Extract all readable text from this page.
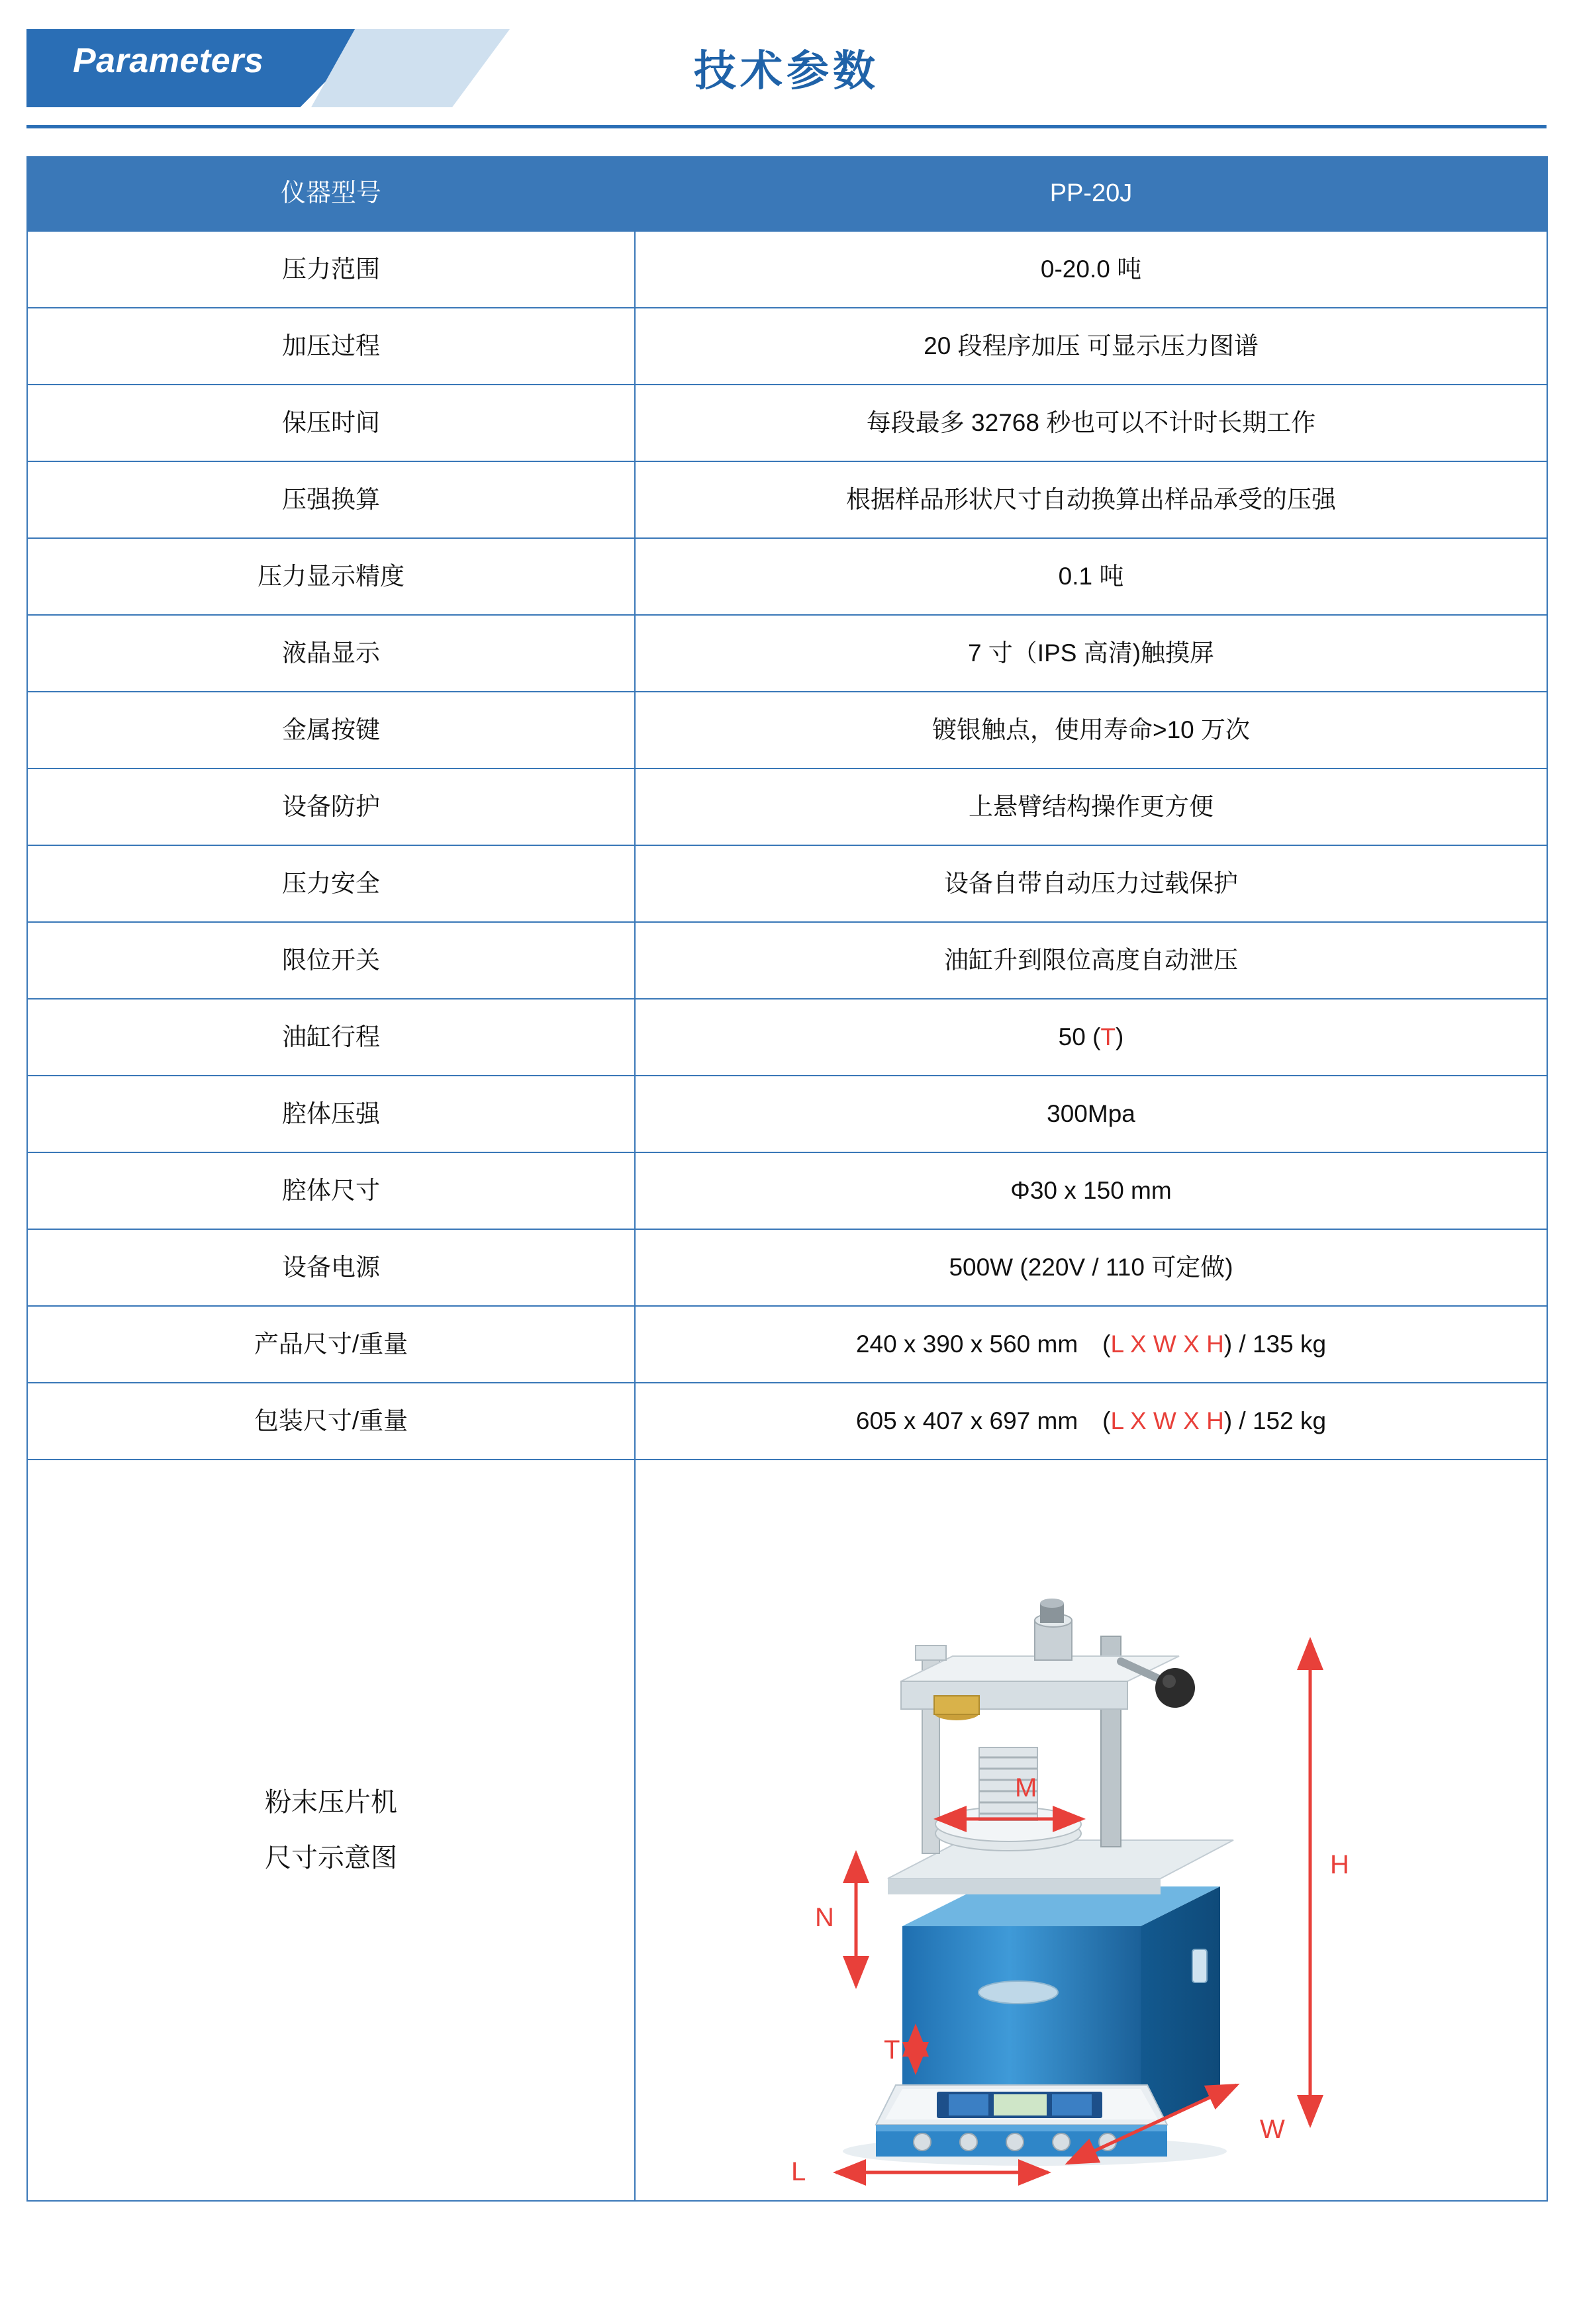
Parameters	技术参数
仪器型号	PP-20J
压力范围	0-20.0 吨
加压过程	20 段程序加压 可显示压力图谱
保压时间	每段最多 32768 秒也可以不计时长期工作
压强换算	根据样品形状尺寸自动换算出样品承受的压强
压力显示精度	0.1 吨
液晶显示	7 寸（IPS 高清)触摸屏
金属按键	镀银触点，使用寿命>10 万次
设备防护	上悬臂结构操作更方便
压力安全	设备自带自动压力过载保护
限位开关	油缸升到限位高度自动泄压
油缸行程	50 (T)
腔体压强	300Mpa
腔体尺寸	Φ30 x 150 mm
设备电源	500W (220V / 110 可定做)
产品尺寸/重量	240 x 390 x 560 mm　(L X W X H) / 135 kg
包装尺寸/重量	605 x 407 x 697 mm　(L X W X H) / 152 kg

粉末压片机
尺寸示意图	H
N
M
T
L
W
